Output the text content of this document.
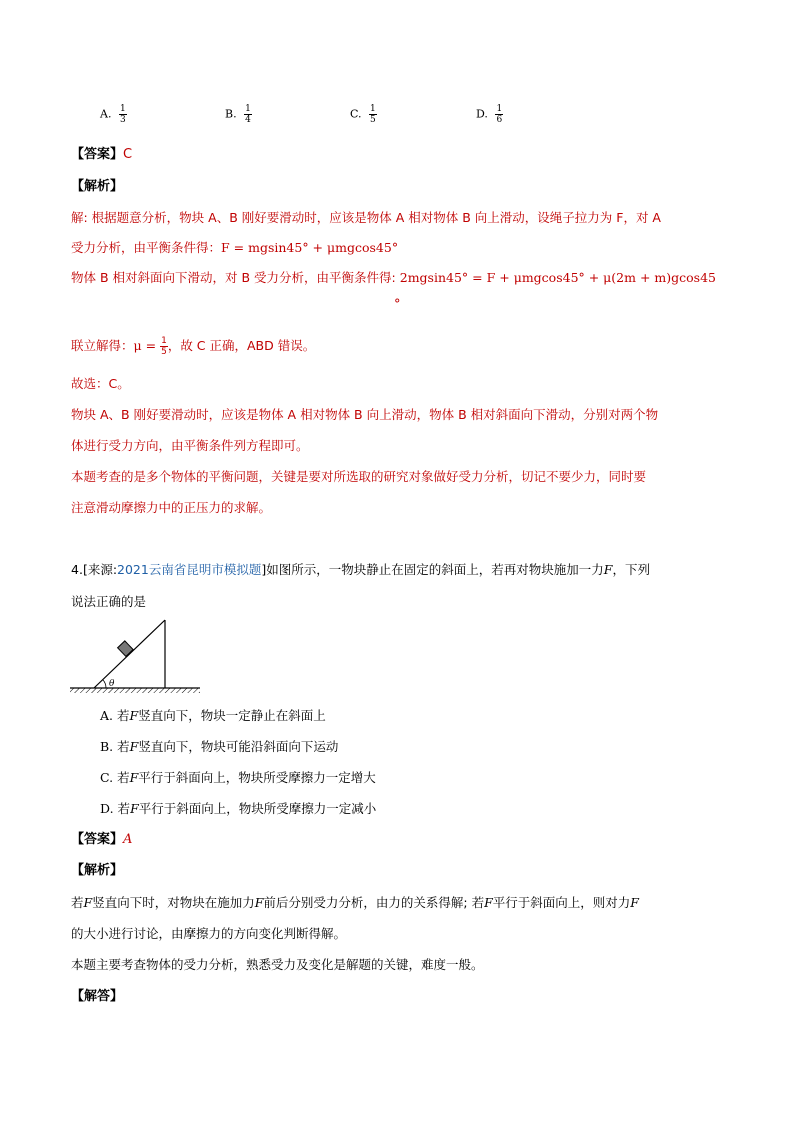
A. $\frac{1}{3}$	B. $\frac{1}{4}$	C. $\frac{1}{5}$	D. $\frac{1}{6}$
【答案】C
【解析】
解: 根据题意分析，物块 A、B 刚好要滑动时，应该是物体 A 相对物体 B 向上滑动，设绳子拉力为 F，对 A
受力分析，由平衡条件得：F = mgsin45° + μmgcos45°
物体 B 相对斜面向下滑动，对 B 受力分析，由平衡条件得: 2mgsin45° = F + μmgcos45° + μ(2m + m)gcos45
°
联立解得：$\mu = \frac{1}{5}$ ，故 C 正确，ABD 错误。
故选：C。
物块 A、B 刚好要滑动时，应该是物体 A 相对物体 B 向上滑动，物体 B 相对斜面向下滑动，分别对两个物
体进行受力方向，由平衡条件列方程即可。
本题考查的是多个物体的平衡问题，关键是要对所选取的研究对象做好受力分析，切记不要少力，同时要
注意滑动摩擦力中的正压力的求解。
4.[来源:2021云南省昆明市模拟题]如图所示，一物块静止在固定的斜面上，若再对物块施加一力F，下列
说法正确的是
θ
A. 若F竖直向下，物块一定静止在斜面上
B. 若F竖直向下，物块可能沿斜面向下运动
C. 若F平行于斜面向上，物块所受摩擦力一定增大
D. 若F平行于斜面向上，物块所受摩擦力一定减小
【答案】A
【解析】
若F竖直向下时，对物块在施加力F前后分别受力分析，由力的关系得解; 若F平行于斜面向上，则对力F
的大小进行讨论，由摩擦力的方向变化判断得解。
本题主要考查物体的受力分析，熟悉受力及变化是解题的关键，难度一般。
【解答】
